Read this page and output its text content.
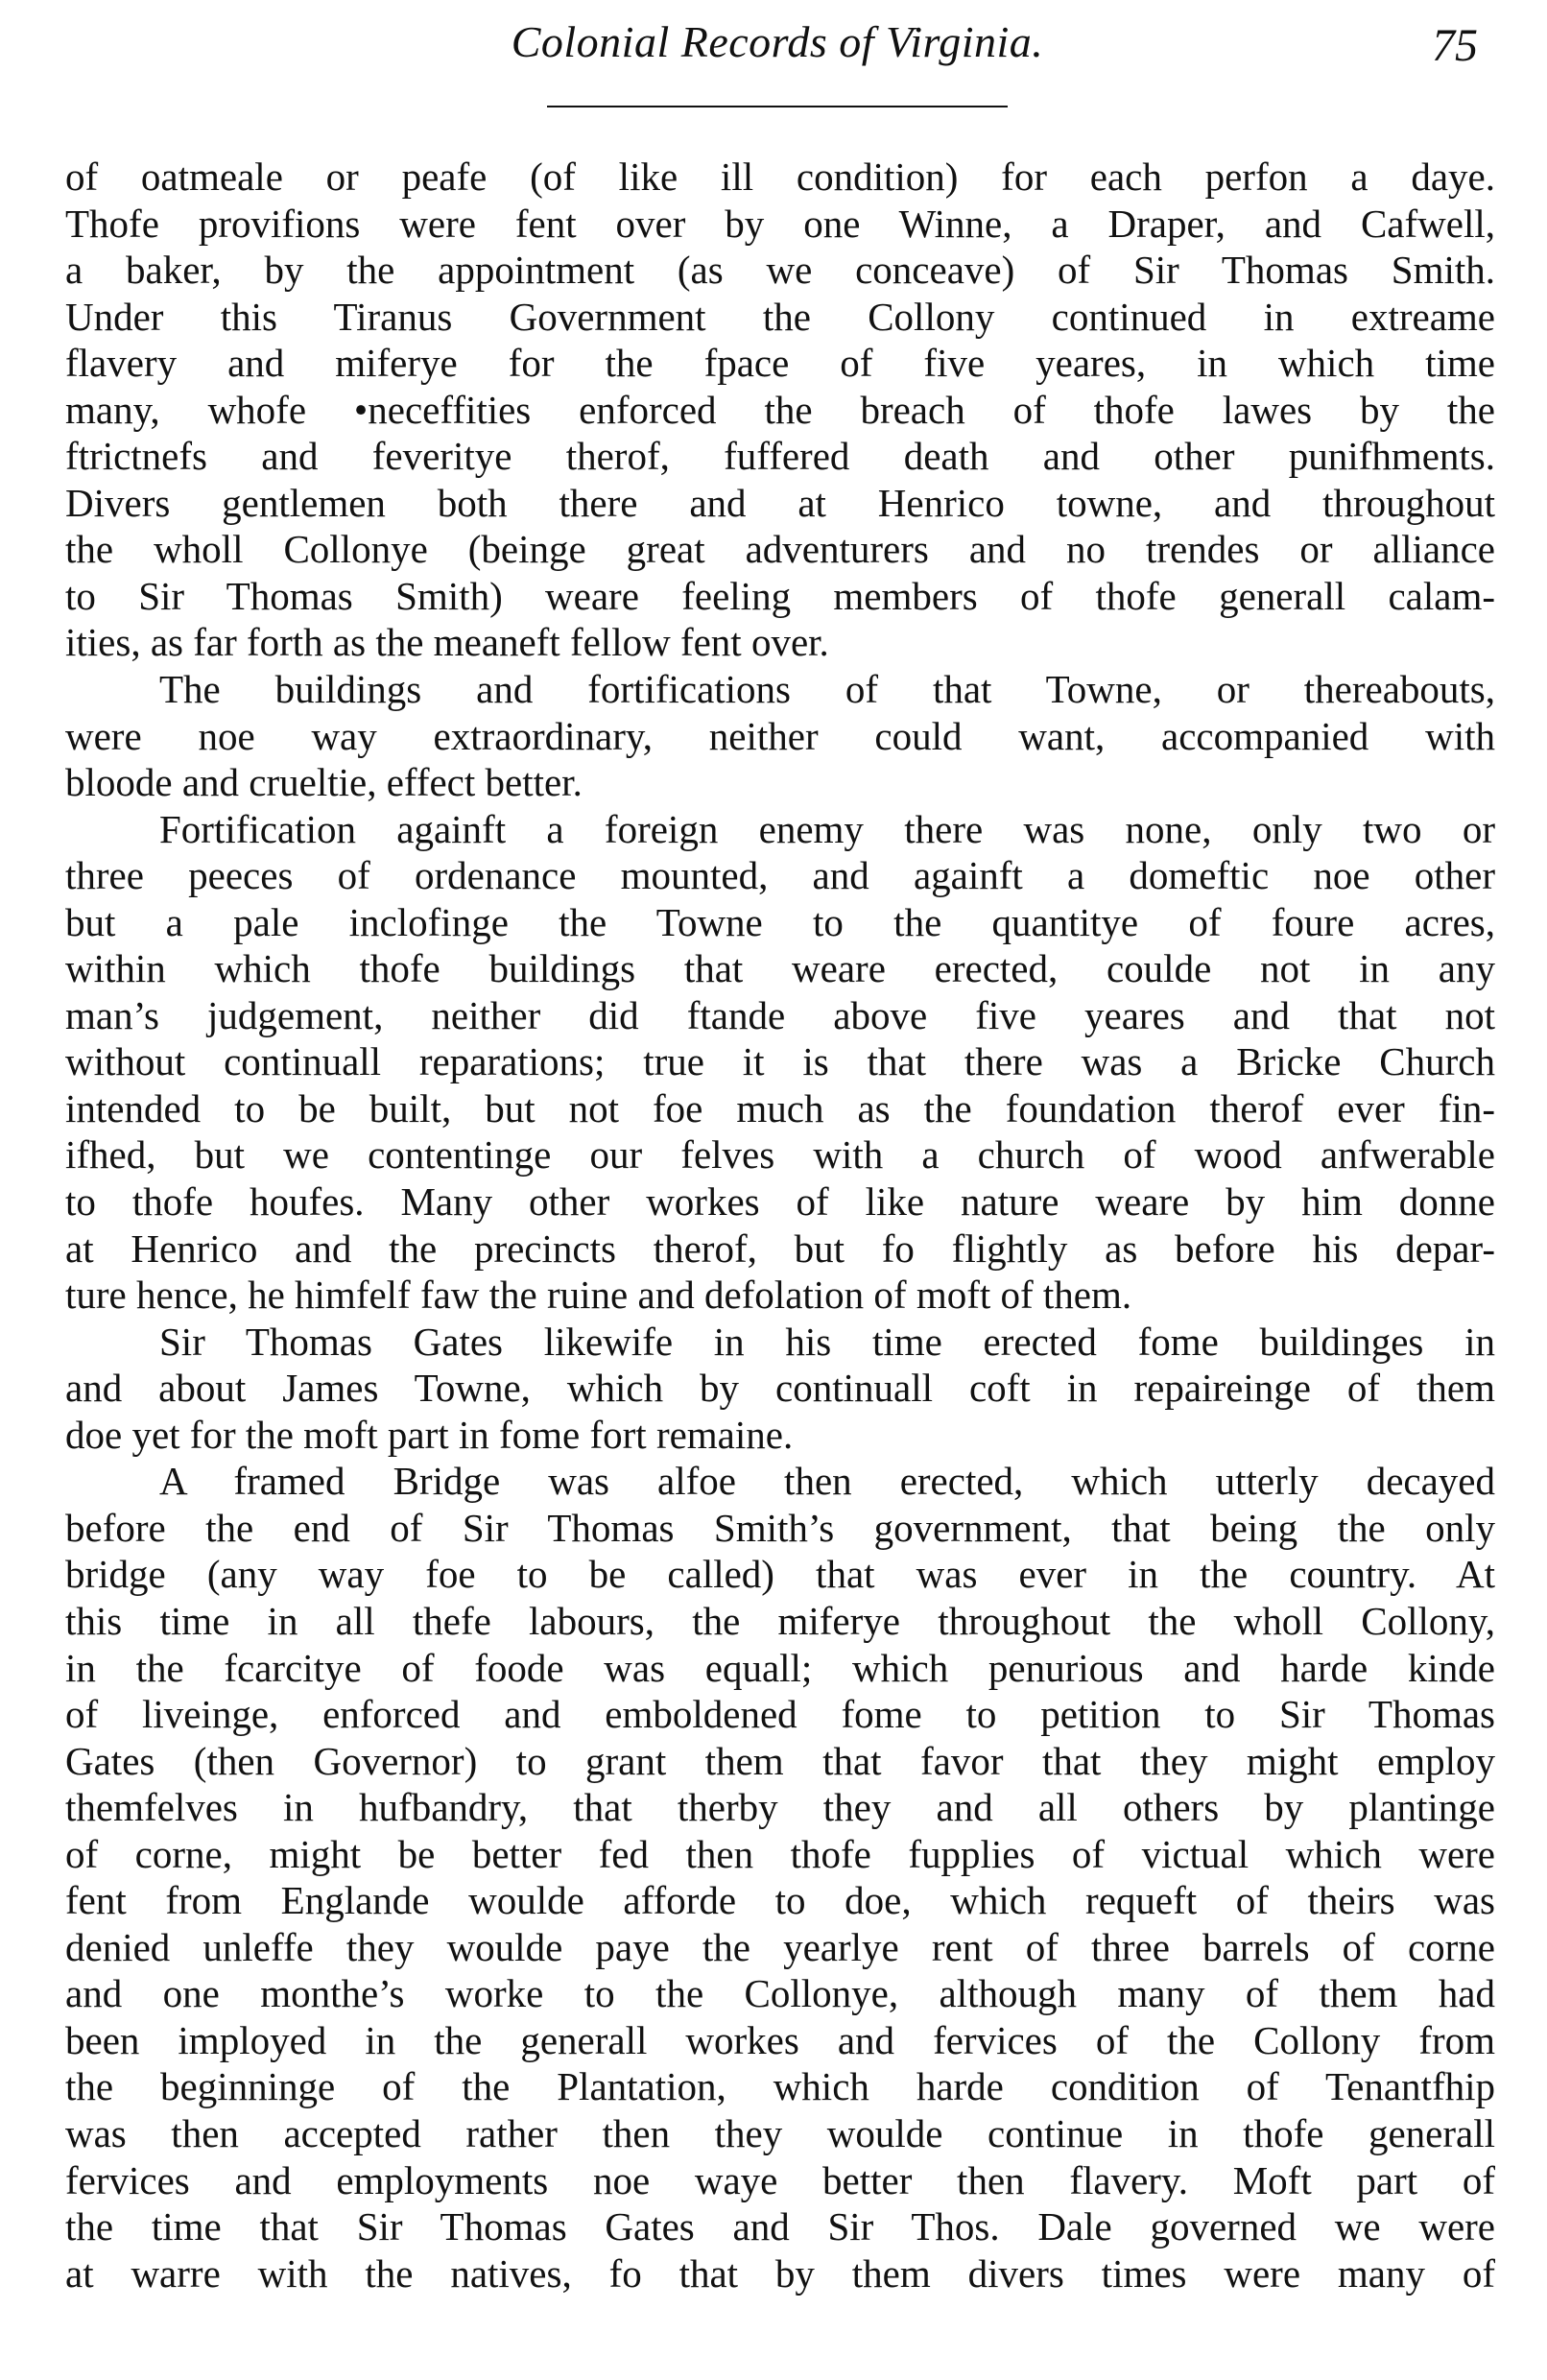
Colonial Records of Virginia.	75
of oatmeale or peafe (of like ill condition) for each perfon a daye.
Thofe provifions were fent over by one Winne, a Draper, and Cafwell,
a baker, by the appointment (as we conceave) of Sir Thomas Smith.
Under this Tiranus Government the Collony continued in extreame
flavery and miferye for the fpace of five yeares, in which time
many, whofe •neceffities enforced the breach of thofe lawes by the
ftrictnefs and feveritye therof, fuffered death and other punifhments.
Divers gentlemen both there and at Henrico towne, and throughout
the wholl Collonye (beinge great adventurers and no trendes or alliance
to Sir Thomas Smith) weare feeling members of thofe generall calam-
ities, as far forth as the meaneft fellow fent over.
The buildings and fortifications of that Towne, or thereabouts,
were noe way extraordinary, neither could want, accompanied with
bloode and crueltie, effect better.
Fortification againft a foreign enemy there was none, only two or
three peeces of ordenance mounted, and againft a domeftic noe other
but a pale inclofinge the Towne to the quantitye of foure acres,
within which thofe buildings that weare erected, coulde not in any
man’s judgement, neither did ftande above five yeares and that not
without continuall reparations; true it is that there was a Bricke Church
intended to be built, but not foe much as the foundation therof ever fin-
ifhed, but we contentinge our felves with a church of wood anfwerable
to thofe houfes. Many other workes of like nature weare by him donne
at Henrico and the precincts therof, but fo flightly as before his depar-
ture hence, he himfelf faw the ruine and defolation of moft of them.
Sir Thomas Gates likewife in his time erected fome buildinges in
and about James Towne, which by continuall coft in repaireinge of them
doe yet for the moft part in fome fort remaine.
A framed Bridge was alfoe then erected, which utterly decayed
before the end of Sir Thomas Smith’s government, that being the only
bridge (any way foe to be called) that was ever in the country. At
this time in all thefe labours, the miferye throughout the wholl Collony,
in the fcarcitye of foode was equall; which penurious and harde kinde
of liveinge, enforced and emboldened fome to petition to Sir Thomas
Gates (then Governor) to grant them that favor that they might employ
themfelves in hufbandry, that therby they and all others by plantinge
of corne, might be better fed then thofe fupplies of victual which were
fent from Englande woulde afforde to doe, which requeft of theirs was
denied unleffe they woulde paye the yearlye rent of three barrels of corne
and one monthe’s worke to the Collonye, although many of them had
been imployed in the generall workes and fervices of the Collony from
the beginninge of the Plantation, which harde condition of Tenantfhip
was then accepted rather then they woulde continue in thofe generall
fervices and employments noe waye better then flavery. Moft part of
the time that Sir Thomas Gates and Sir Thos. Dale governed we were
at warre with the natives, fo that by them divers times were many of
